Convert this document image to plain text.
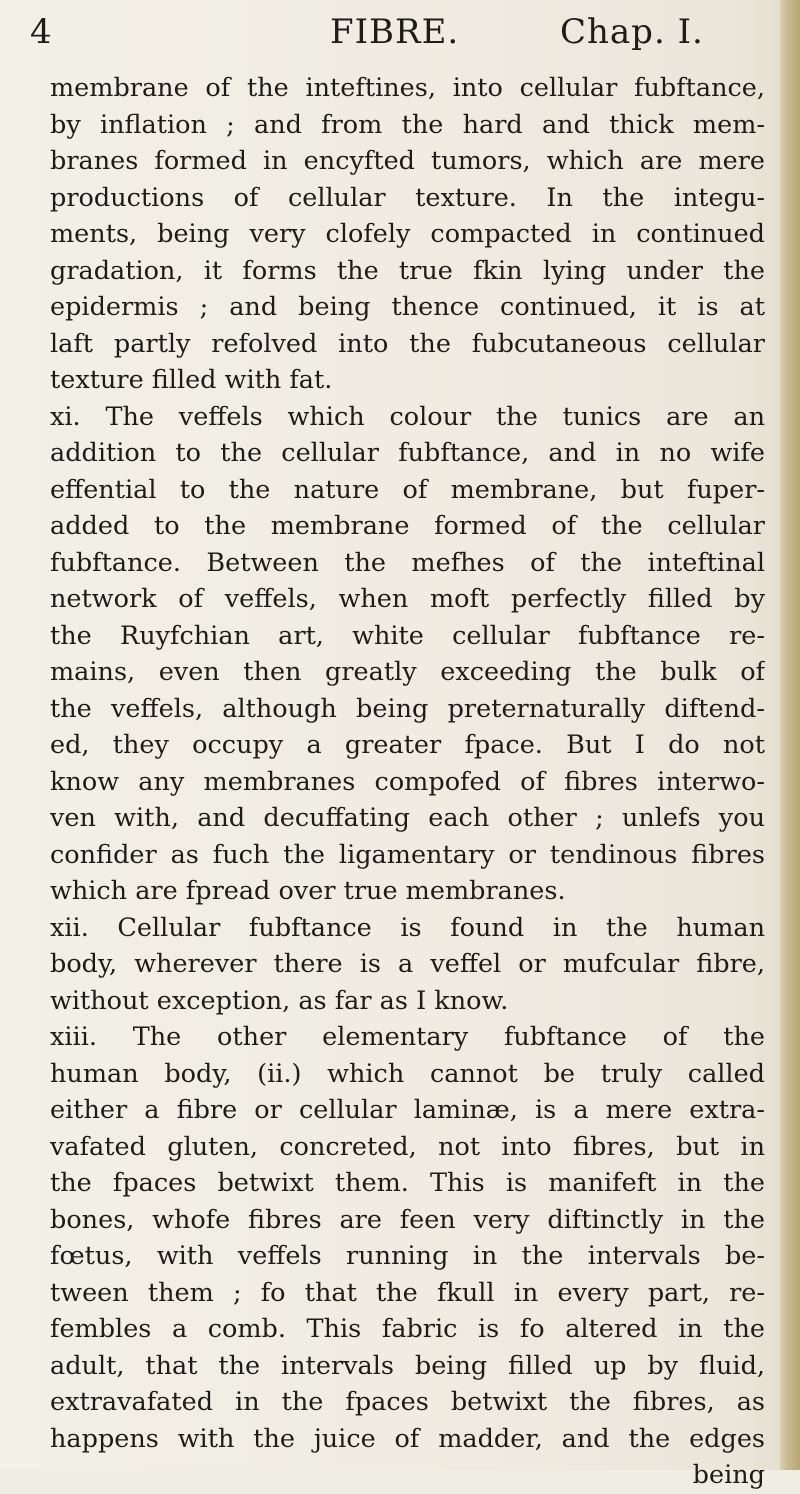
4	FIBRE.	Chap. I.
membrane of the inteftines, into cellular fubftance,
by inflation ; and from the hard and thick mem-
branes formed in encyfted tumors, which are mere
productions of cellular texture. In the integu-
ments, being very clofely compacted in continued
gradation, it forms the true fkin lying under the
epidermis ; and being thence continued, it is at
laft partly refolved into the fubcutaneous cellular
texture filled with fat.
xi. The veffels which colour the tunics are an
addition to the cellular fubftance, and in no wife
effential to the nature of membrane, but fuper-
added to the membrane formed of the cellular
fubftance. Between the mefhes of the inteftinal
network of veffels, when moft perfectly filled by
the Ruyfchian art, white cellular fubftance re-
mains, even then greatly exceeding the bulk of
the veffels, although being preternaturally diftend-
ed, they occupy a greater fpace. But I do not
know any membranes compofed of fibres interwo-
ven with, and decuffating each other ; unlefs you
confider as fuch the ligamentary or tendinous fibres
which are fpread over true membranes.
xii. Cellular fubftance is found in the human
body, wherever there is a veffel or mufcular fibre,
without exception, as far as I know.
xiii. The other elementary fubftance of the
human body, (ii.) which cannot be truly called
either a fibre or cellular laminæ, is a mere extra-
vafated gluten, concreted, not into fibres, but in
the fpaces betwixt them. This is manifeft in the
bones, whofe fibres are feen very diftinctly in the
fœtus, with veffels running in the intervals be-
tween them ; fo that the fkull in every part, re-
fembles a comb. This fabric is fo altered in the
adult, that the intervals being filled up by fluid,
extravafated in the fpaces betwixt the fibres, as
happens with the juice of madder, and the edges
being
